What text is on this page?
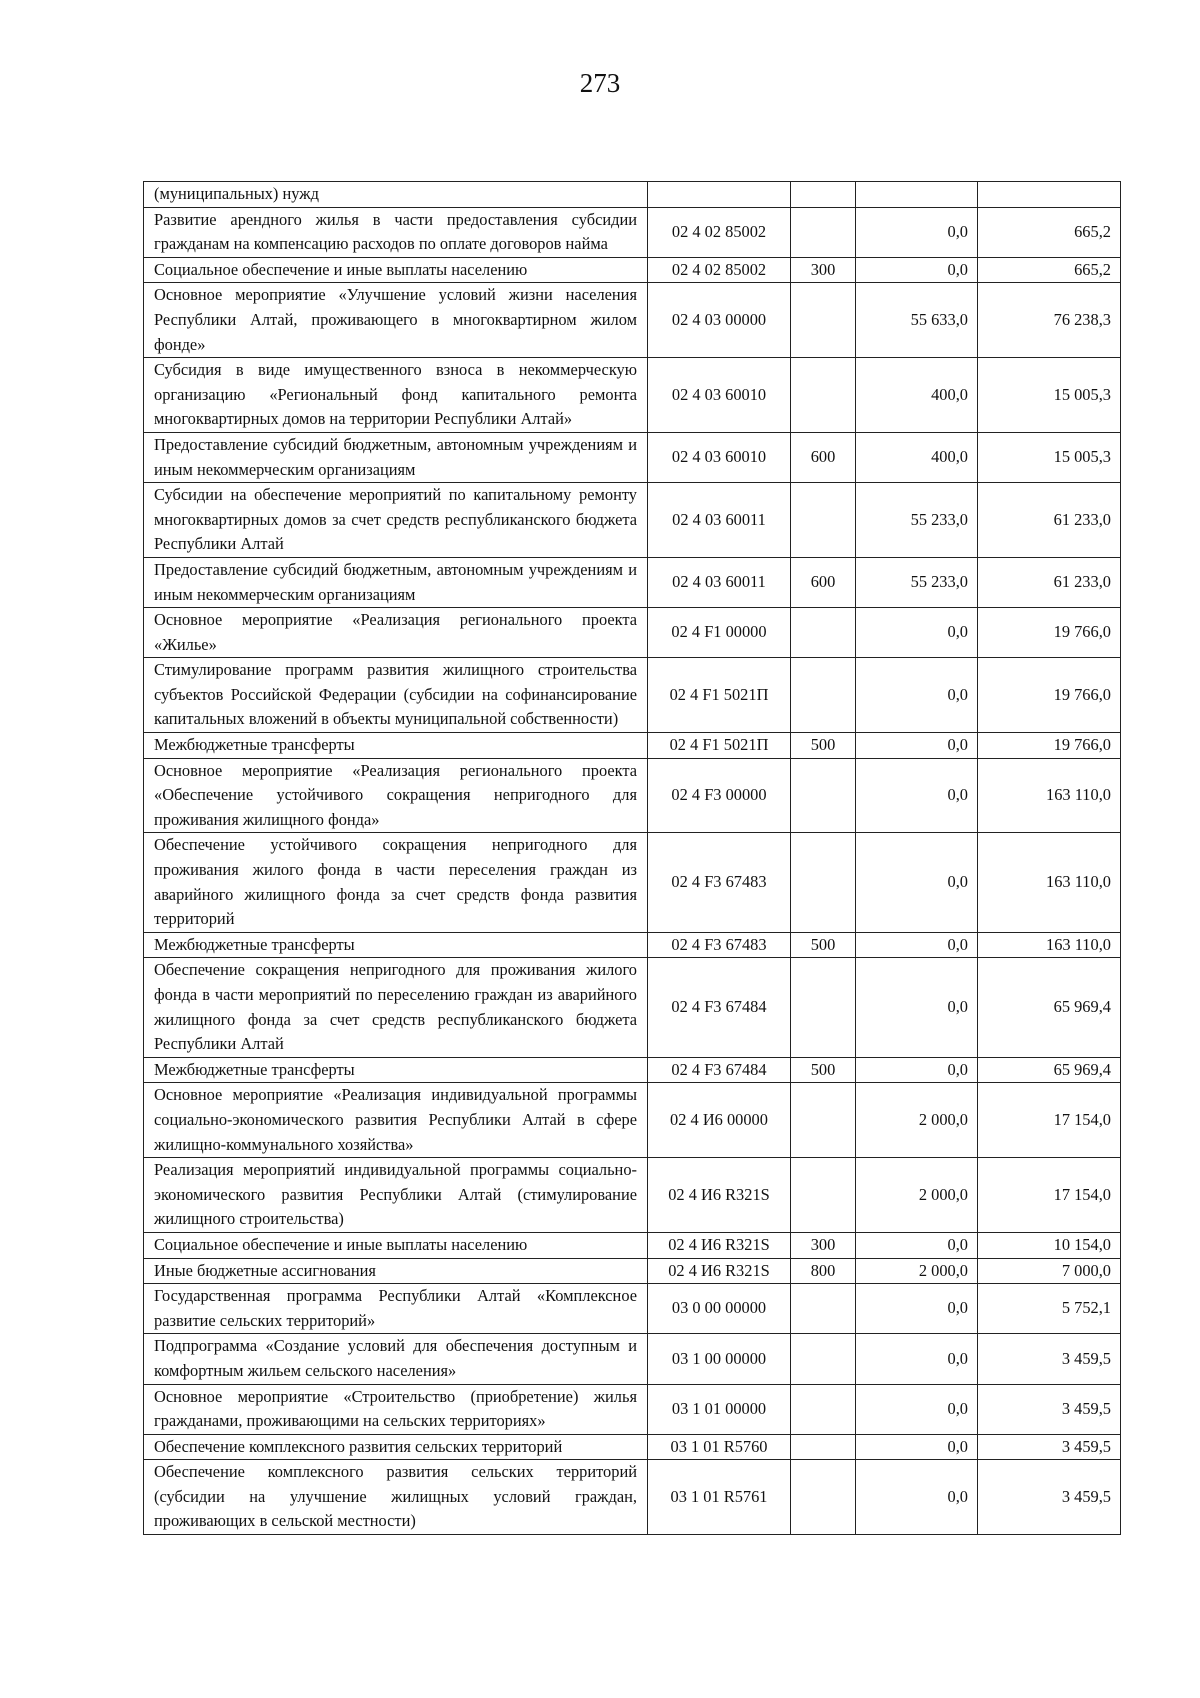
273
(муниципальных) нужд				
Развитие арендного жилья в части предоставления субсидии гражданам на компенсацию расходов по оплате договоров найма	02 4 02 85002		0,0	665,2
Социальное обеспечение и иные выплаты населению	02 4 02 85002	300	0,0	665,2
Основное мероприятие «Улучшение условий жизни населения Республики Алтай, проживающего в многоквартирном жилом фонде»	02 4 03 00000		55 633,0	76 238,3
Субсидия в виде имущественного взноса в некоммерческую организацию «Региональный фонд капитального ремонта многоквартирных домов на территории Республики Алтай»	02 4 03 60010		400,0	15 005,3
Предоставление субсидий бюджетным, автономным учреждениям и иным некоммерческим организациям	02 4 03 60010	600	400,0	15 005,3
Субсидии на обеспечение мероприятий по капитальному ремонту многоквартирных домов за счет средств республиканского бюджета Республики Алтай	02 4 03 60011		55 233,0	61 233,0
Предоставление субсидий бюджетным, автономным учреждениям и иным некоммерческим организациям	02 4 03 60011	600	55 233,0	61 233,0
Основное мероприятие «Реализация регионального проекта «Жилье»	02 4 F1 00000		0,0	19 766,0
Стимулирование программ развития жилищного строительства субъектов Российской Федерации (субсидии на софинансирование капитальных вложений в объекты муниципальной собственности)	02 4 F1 5021П		0,0	19 766,0
Межбюджетные трансферты	02 4 F1 5021П	500	0,0	19 766,0
Основное мероприятие «Реализация регионального проекта «Обеспечение устойчивого сокращения непригодного для проживания жилищного фонда»	02 4 F3 00000		0,0	163 110,0
Обеспечение устойчивого сокращения непригодного для проживания жилого фонда в части переселения граждан из аварийного жилищного фонда за счет средств фонда развития территорий	02 4 F3 67483		0,0	163 110,0
Межбюджетные трансферты	02 4 F3 67483	500	0,0	163 110,0
Обеспечение сокращения непригодного для проживания жилого фонда в части мероприятий по переселению граждан из аварийного жилищного фонда за счет средств республиканского бюджета Республики Алтай	02 4 F3 67484		0,0	65 969,4
Межбюджетные трансферты	02 4 F3 67484	500	0,0	65 969,4
Основное мероприятие «Реализация индивидуальной программы социально-экономического развития Республики Алтай в сфере жилищно-коммунального хозяйства»	02 4 И6 00000		2 000,0	17 154,0
Реализация мероприятий индивидуальной программы социально-экономического развития Республики Алтай (стимулирование жилищного строительства)	02 4 И6 R321S		2 000,0	17 154,0
Социальное обеспечение и иные выплаты населению	02 4 И6 R321S	300	0,0	10 154,0
Иные бюджетные ассигнования	02 4 И6 R321S	800	2 000,0	7 000,0
Государственная программа Республики Алтай «Комплексное развитие сельских территорий»	03 0 00 00000		0,0	5 752,1
Подпрограмма «Создание условий для обеспечения доступным и комфортным жильем сельского населения»	03 1 00 00000		0,0	3 459,5
Основное мероприятие «Строительство (приобретение) жилья гражданами, проживающими на сельских территориях»	03 1 01 00000		0,0	3 459,5
Обеспечение комплексного развития сельских территорий	03 1 01 R5760		0,0	3 459,5
Обеспечение комплексного развития сельских территорий (субсидии на улучшение жилищных условий граждан, проживающих в сельской местности)	03 1 01 R5761		0,0	3 459,5
